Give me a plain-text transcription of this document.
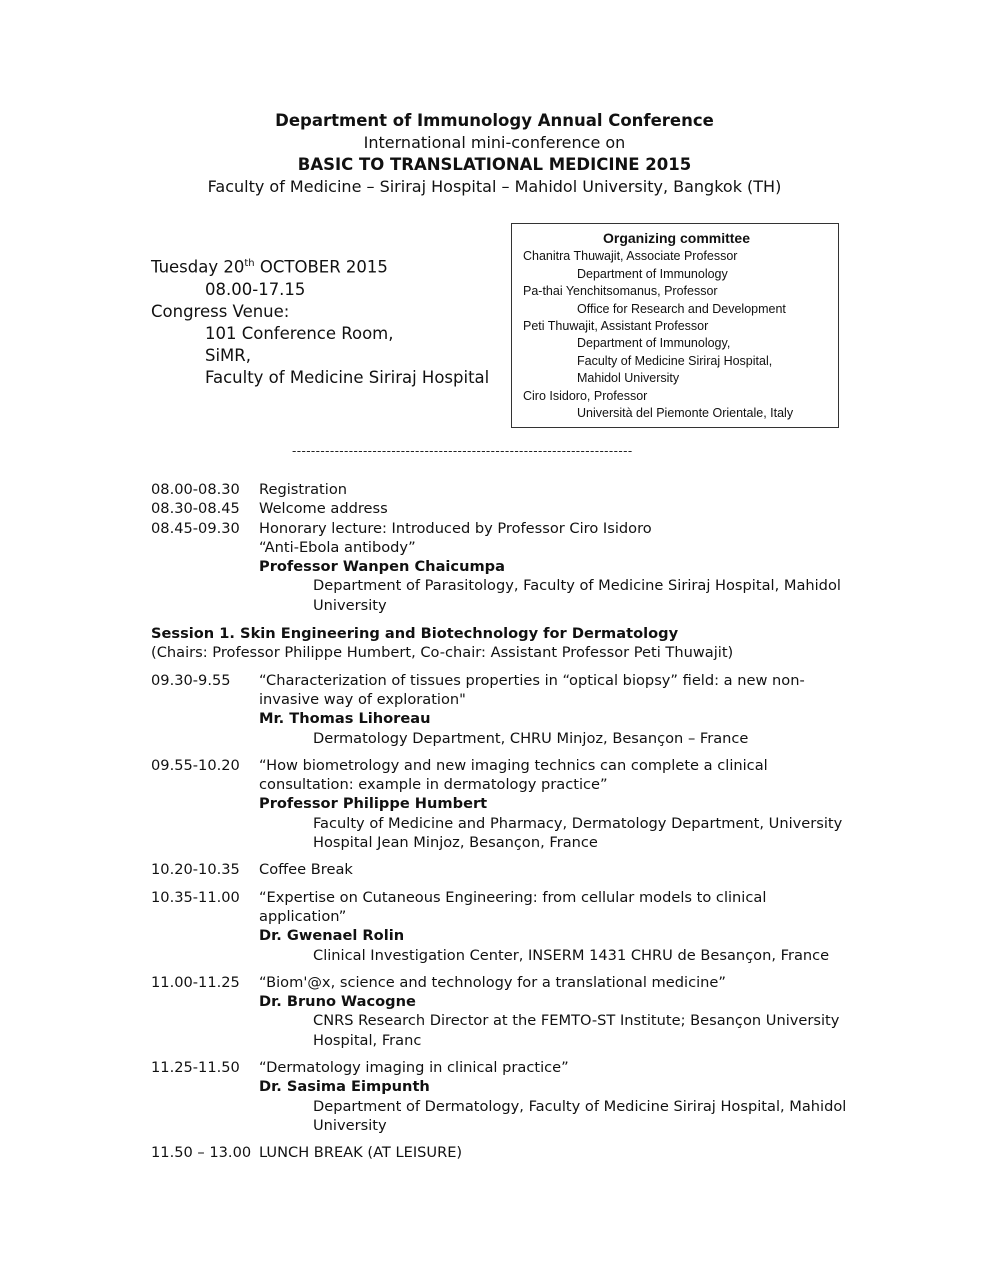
Department of Immunology Annual Conference
International mini-conference on
BASIC TO TRANSLATIONAL MEDICINE 2015
Faculty of Medicine – Siriraj Hospital – Mahidol University, Bangkok (TH)
Tuesday 20th OCTOBER 2015
08.00-17.15
Congress Venue:
101 Conference Room,
SiMR,
Faculty of Medicine Siriraj Hospital
Organizing committee
Chanitra Thuwajit, Associate Professor
Department of Immunology
Pa-thai Yenchitsomanus, Professor
Office for Research and Development
Peti Thuwajit, Assistant Professor
Department of Immunology,
Faculty of Medicine Siriraj Hospital,
Mahidol University
Ciro Isidoro, Professor
Università del Piemonte Orientale, Italy
------------------------------------------------------------------------
08.00-08.30	Registration
08.30-08.45	Welcome address
08.45-09.30	Honorary lecture: Introduced by Professor Ciro Isidoro
“Anti-Ebola antibody”
Professor Wanpen Chaicumpa
Department of Parasitology, Faculty of Medicine Siriraj Hospital, Mahidol University
Session 1. Skin Engineering and Biotechnology for Dermatology
(Chairs: Professor Philippe Humbert, Co-chair: Assistant Professor Peti Thuwajit)
09.30-9.55	“Characterization of tissues properties in “optical biopsy” field: a new non-invasive way of exploration"
Mr. Thomas Lihoreau
Dermatology Department, CHRU Minjoz, Besançon – France
09.55-10.20	“How biometrology and new imaging technics can complete a clinical consultation: example in dermatology practice”
Professor Philippe Humbert
Faculty of Medicine and Pharmacy, Dermatology Department, University Hospital Jean Minjoz, Besançon, France
10.20-10.35	Coffee Break
10.35-11.00	“Expertise on Cutaneous Engineering: from cellular models to clinical application”
Dr. Gwenael Rolin
Clinical Investigation Center, INSERM 1431 CHRU de Besançon, France
11.00-11.25	“Biom'@x, science and technology for a translational medicine”
Dr. Bruno Wacogne
CNRS Research Director at the FEMTO-ST Institute; Besançon University Hospital, Franc
11.25-11.50	“Dermatology imaging in clinical practice”
Dr. Sasima Eimpunth
Department of Dermatology, Faculty of Medicine Siriraj Hospital, Mahidol University
11.50 – 13.00 LUNCH BREAK (AT LEISURE)
